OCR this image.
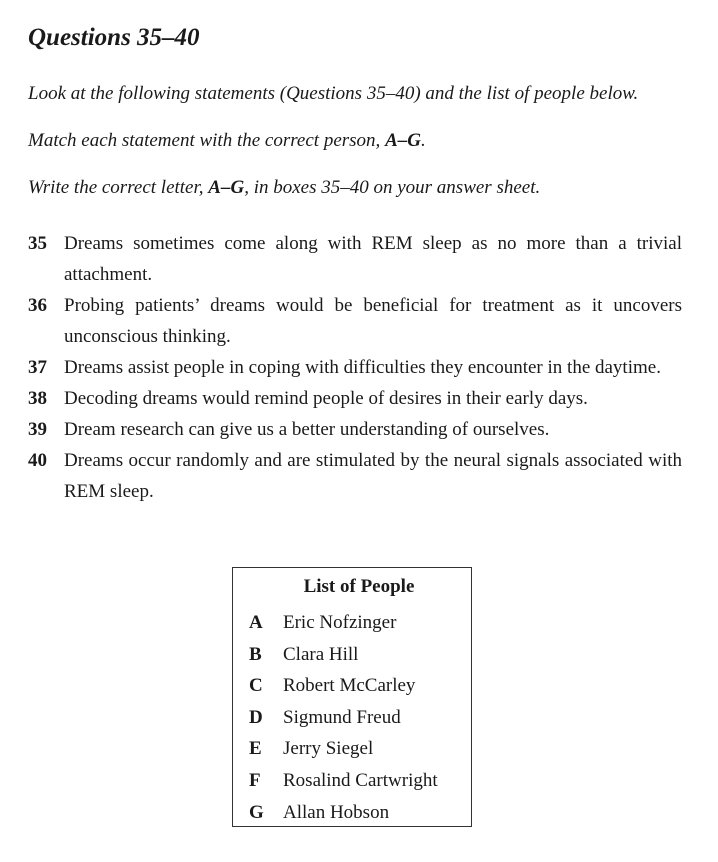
Questions 35–40

Look at the following statements (Questions 35–40) and the list of people below.

Match each statement with the correct person, A–G.

Write the correct letter, A–G, in boxes 35–40 on your answer sheet.

35 Dreams sometimes come along with REM sleep as no more than a trivial attachment.
36 Probing patients’ dreams would be beneficial for treatment as it uncovers unconscious thinking.
37 Dreams assist people in coping with difficulties they encounter in the daytime.
38 Decoding dreams would remind people of desires in their early days.
39 Dream research can give us a better understanding of ourselves.
40 Dreams occur randomly and are stimulated by the neural signals associated with REM sleep.
List of People
A	Eric Nofzinger
B	Clara Hill
C	Robert McCarley
D	Sigmund Freud
E	Jerry Siegel
F	Rosalind Cartwright
G	Allan Hobson
